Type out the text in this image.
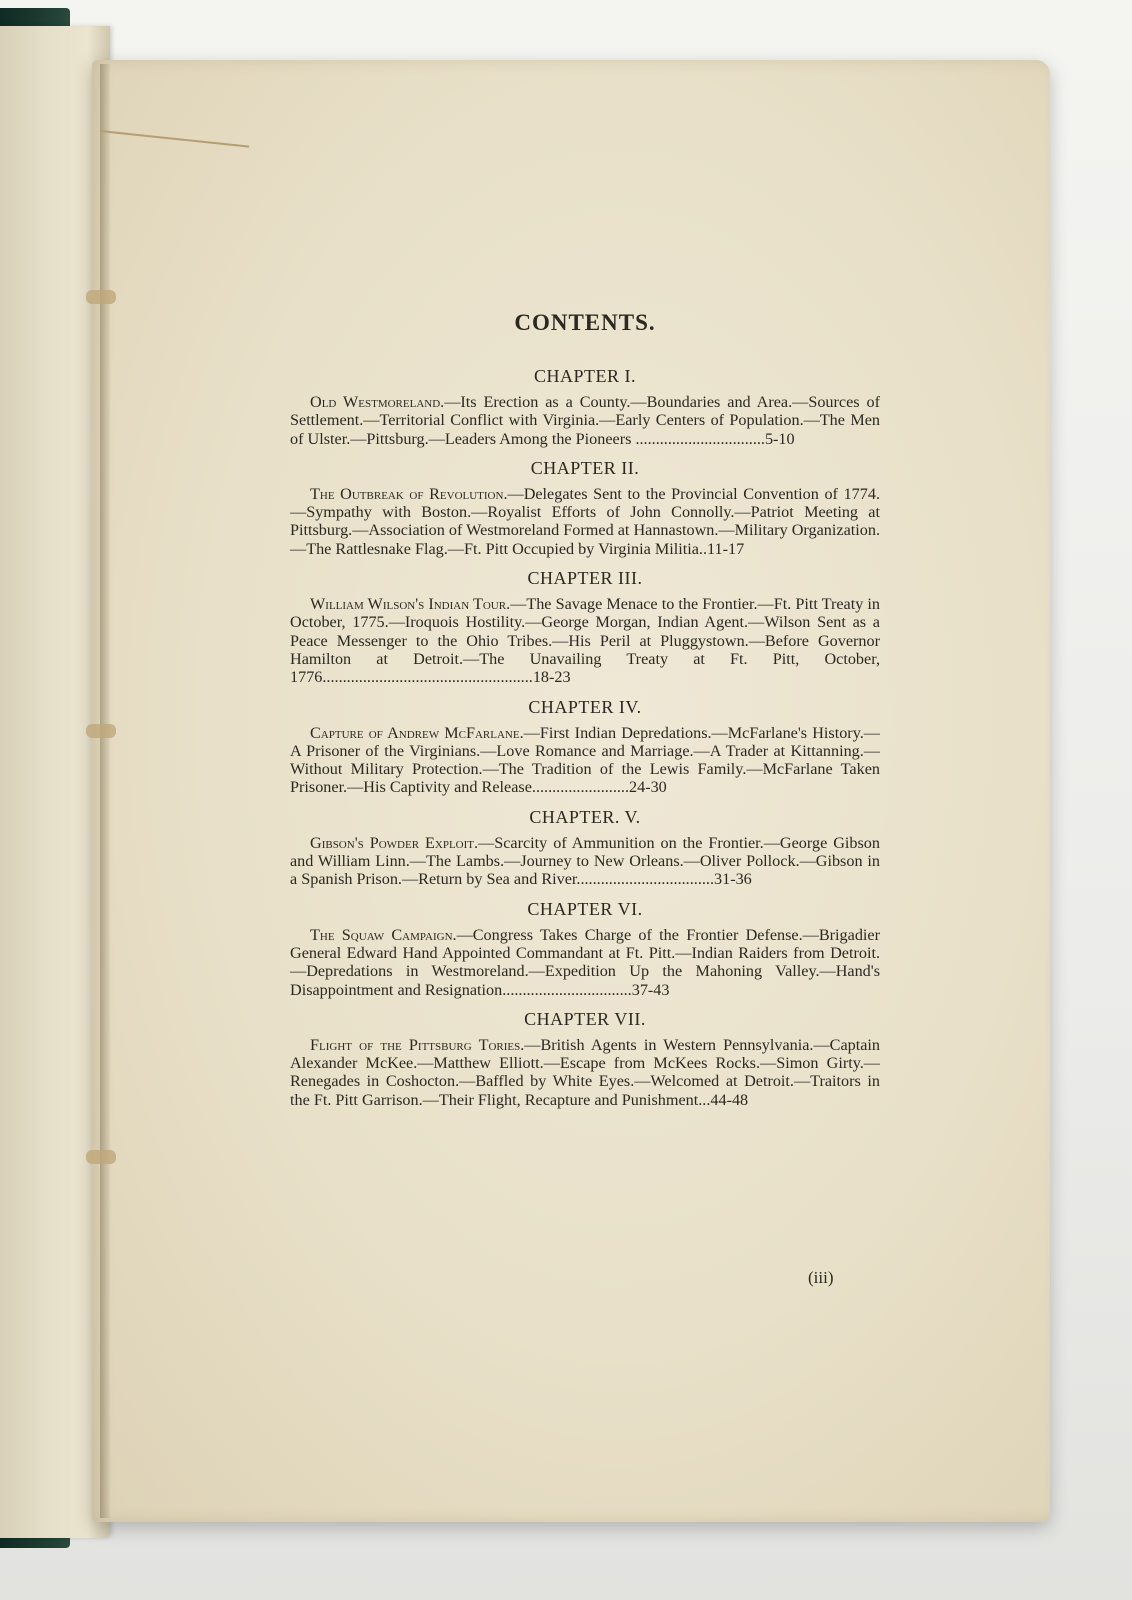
CONTENTS.

CHAPTER I.

Old Westmoreland.—Its Erection as a County.—Boundaries and Area.—Sources of Settlement.—Territorial Conflict with Virginia.—Early Centers of Population.—The Men of Ulster.—Pittsburg.—Leaders Among the Pioneers ................................5-10

CHAPTER II.

The Outbreak of Revolution.—Delegates Sent to the Provincial Convention of 1774.—Sympathy with Boston.—Royalist Efforts of John Connolly.—Patriot Meeting at Pittsburg.—Association of Westmoreland Formed at Hannastown.—Military Organization.—The Rattlesnake Flag.—Ft. Pitt Occupied by Virginia Militia..11-17

CHAPTER III.

William Wilson's Indian Tour.—The Savage Menace to the Frontier.—Ft. Pitt Treaty in October, 1775.—Iroquois Hostility.—George Morgan, Indian Agent.—Wilson Sent as a Peace Messenger to the Ohio Tribes.—His Peril at Pluggystown.—Before Governor Hamilton at Detroit.—The Unavailing Treaty at Ft. Pitt, October, 1776....................................................18-23

CHAPTER IV.

Capture of Andrew McFarlane.—First Indian Depredations.—McFarlane's History.—A Prisoner of the Virginians.—Love Romance and Marriage.—A Trader at Kittanning.—Without Military Protection.—The Tradition of the Lewis Family.—McFarlane Taken Prisoner.—His Captivity and Release........................24-30

CHAPTER. V.

Gibson's Powder Exploit.—Scarcity of Ammunition on the Frontier.—George Gibson and William Linn.—The Lambs.—Journey to New Orleans.—Oliver Pollock.—Gibson in a Spanish Prison.—Return by Sea and River..................................31-36

CHAPTER VI.

The Squaw Campaign.—Congress Takes Charge of the Frontier Defense.—Brigadier General Edward Hand Appointed Commandant at Ft. Pitt.—Indian Raiders from Detroit.—Depredations in Westmoreland.—Expedition Up the Mahoning Valley.—Hand's Disappointment and Resignation................................37-43

CHAPTER VII.

Flight of the Pittsburg Tories.—British Agents in Western Pennsylvania.—Captain Alexander McKee.—Matthew Elliott.—Escape from McKees Rocks.—Simon Girty.—Renegades in Coshocton.—Baffled by White Eyes.—Welcomed at Detroit.—Traitors in the Ft. Pitt Garrison.—Their Flight, Recapture and Punishment...44-48

(iii)
